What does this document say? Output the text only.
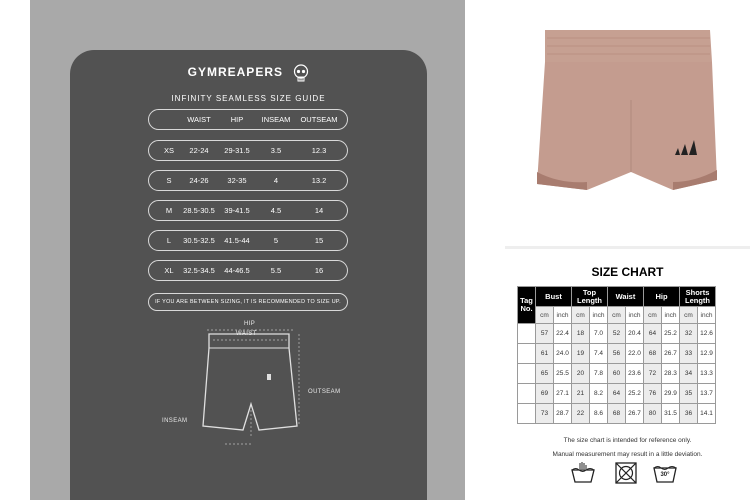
GYMREAPERS
INFINITY SEAMLESS SIZE GUIDE
WAIST	HIP INSEAM OUTSEAM
XS 22-24 29-31.5	3.5	12.3
S 24-26	32-35	4	13.2
M 28.5-30.5 39-41.5	4.5	14
L 30.5-32.5 41.5-44	5	15
XL 32.5-34.5 44-46.5	5.5	16
IF YOU ARE BETWEEN SIZING, IT IS RECOMMENDED TO SIZE UP.
HIP
WAIST
OUTSEAM
INSEAM
SIZE CHART
Tag No.	Bust		Top Length		Waist		Hip		Shorts Length	
	cm	inch	cm	inch	cm	inch	cm	inch	cm	inch
XS	57	22.4	18	7.0	52	20.4	64	25.2	32	12.6
S	61	24.0	19	7.4	56	22.0	68	26.7	33	12.9
M	65	25.5	20	7.8	60	23.6	72	28.3	34	13.3
L	69	27.1	21	8.2	64	25.2	76	29.9	35	13.7
XL	73	28.7	22	8.6	68	26.7	80	31.5	36	14.1
The size chart is intended for reference only.
Manual measurement may result in a little deviation.
30°
